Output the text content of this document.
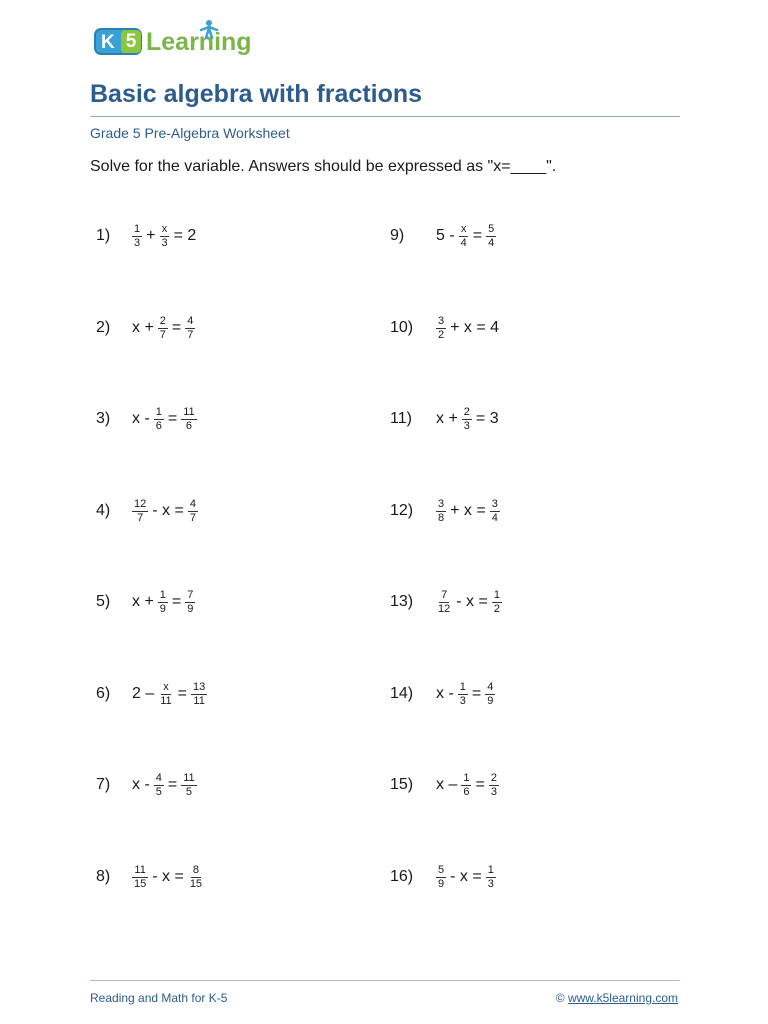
K 5 Learning
Basic algebra with fractions
Grade 5 Pre-Algebra Worksheet
Solve for the variable. Answers should be expressed as "x=____".
1)	$\frac{1}{3} + \frac{x}{3} = 2$
2)	$x + \frac{2}{7} = \frac{4}{7}$
3)	$x - \frac{1}{6} = \frac{11}{6}$
4)	$\frac{12}{7} - x = \frac{4}{7}$
5)	$x + \frac{1}{9} = \frac{7}{9}$
6)	$2 - \frac{x}{11} = \frac{13}{11}$
7)	$x - \frac{4}{5} = \frac{11}{5}$
8)	$\frac{11}{15} - x = \frac{8}{15}$
9)	$5 - \frac{x}{4} = \frac{5}{4}$
10)	$\frac{3}{2} + x = 4$
11)	$x + \frac{2}{3} = 3$
12)	$\frac{3}{8} + x = \frac{3}{4}$
13)	$\frac{7}{12} - x = \frac{1}{2}$
14)	$x - \frac{1}{3} = \frac{4}{9}$
15)	$x - \frac{1}{6} = \frac{2}{3}$
16)	$\frac{5}{9} - x = \frac{1}{3}$
Reading and Math for K-5	© www.k5learning.com
